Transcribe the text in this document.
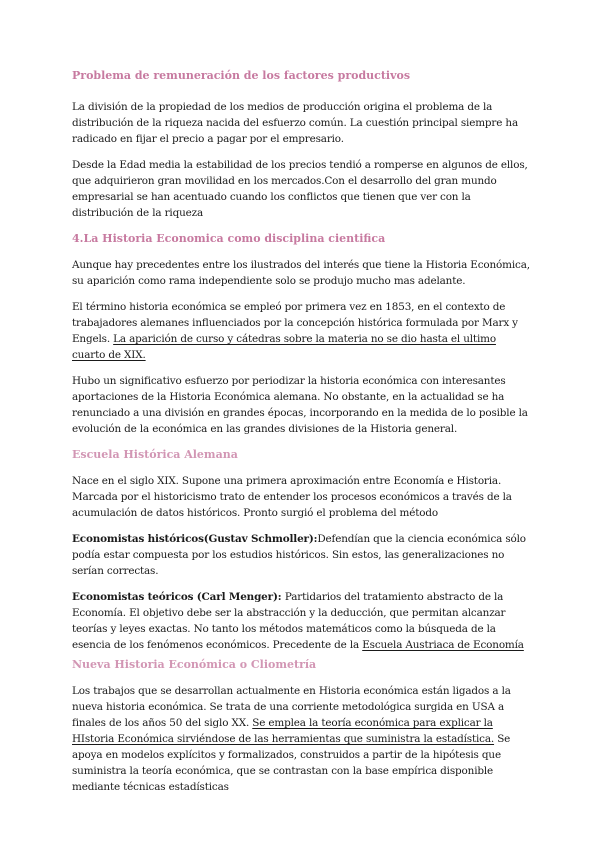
Problema de remuneración de los factores productivos

La división de la propiedad de los medios de producción origina el problema de la distribución de la riqueza nacida del esfuerzo común. La cuestión principal siempre ha radicado en fijar el precio a pagar por el empresario.

Desde la Edad media la estabilidad de los precios tendió a romperse en algunos de ellos, que adquirieron gran movilidad en los mercados.Con el desarrollo del gran mundo empresarial se han acentuado cuando los conflictos que tienen que ver con la distribución de la riqueza

4.La Historia Economica como disciplina cientifica

Aunque hay precedentes entre los ilustrados del interés que tiene la Historia Económica, su aparición como rama independiente solo se produjo mucho mas adelante.

El término historia económica se empleó por primera vez en 1853, en el contexto de trabajadores alemanes influenciados por la concepción histórica formulada por Marx y Engels. La aparición de curso y cátedras sobre la materia no se dio hasta el ultimo cuarto de XIX.

Hubo un significativo esfuerzo por periodizar la historia económica con interesantes aportaciones de la Historia Económica alemana. No obstante, en la actualidad se ha renunciado a una división en grandes épocas, incorporando en la medida de lo posible la evolución de la económica en las grandes divisiones de la Historia general.

Escuela Histórica Alemana

Nace en el siglo XIX. Supone una primera aproximación entre Economía e Historia. Marcada por el historicismo trato de entender los procesos económicos a través de la acumulación de datos históricos. Pronto surgió el problema del método

Economistas históricos(Gustav Schmoller):Defendían que la ciencia económica sólo podía estar compuesta por los estudios históricos. Sin estos, las generalizaciones no serían correctas.

Economistas teóricos (Carl Menger): Partidarios del tratamiento abstracto de la Economía. El objetivo debe ser la abstracción y la deducción, que permitan alcanzar teorías y leyes exactas. No tanto los métodos matemáticos como la búsqueda de la esencia de los fenómenos económicos. Precedente de la Escuela Austriaca de Economía

Nueva Historia Económica o Cliometría

Los trabajos que se desarrollan actualmente en Historia económica están ligados a la nueva historia económica. Se trata de una corriente metodológica surgida en USA a finales de los años 50 del siglo XX. Se emplea la teoría económica para explicar la HIstoria Económica sirviéndose de las herramientas que suministra la estadística. Se apoya en modelos explícitos y formalizados, construidos a partir de la hipótesis que suministra la teoría económica, que se contrastan con la base empírica disponible mediante técnicas estadísticas
